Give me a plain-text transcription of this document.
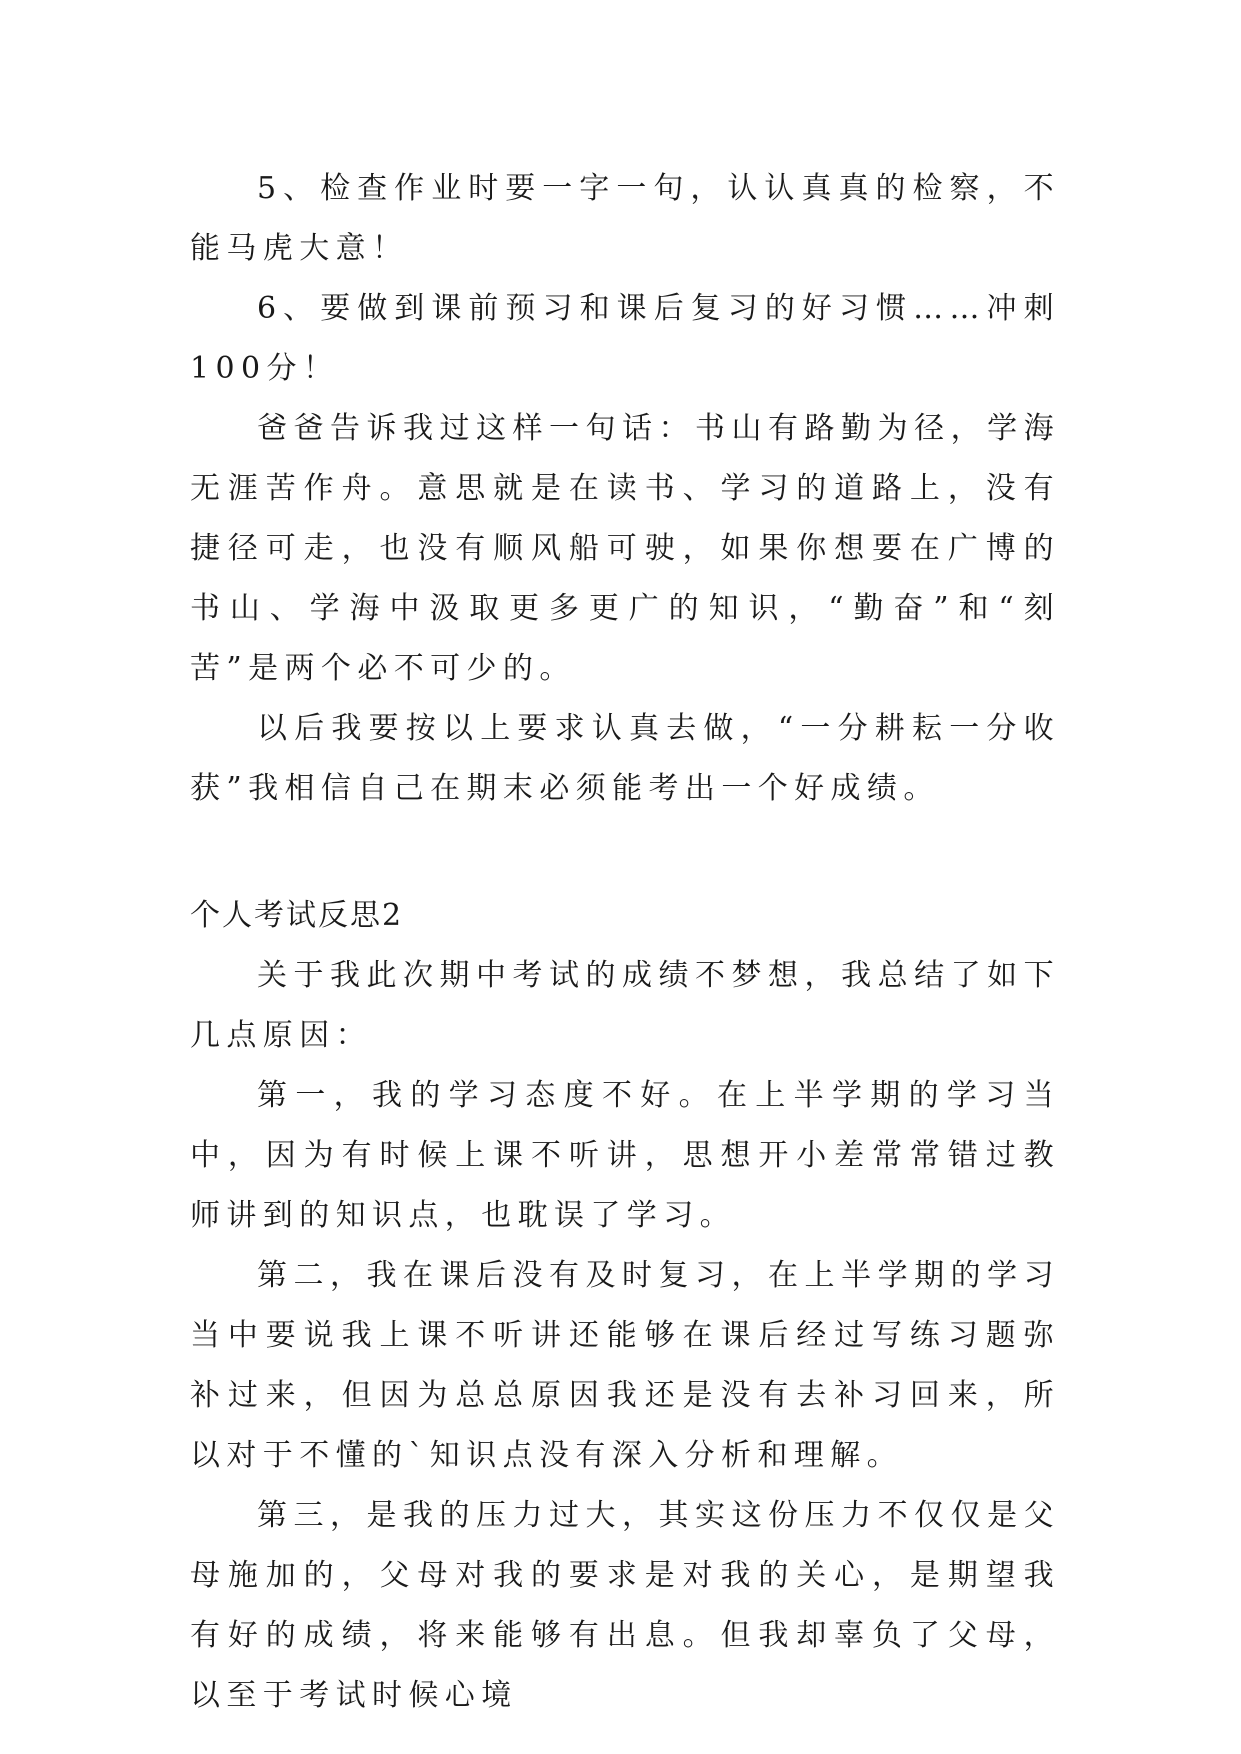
5、检查作业时要一字一句，认认真真的检察，不能马虎大意！

6、要做到课前预习和课后复习的好习惯……冲刺100分！

爸爸告诉我过这样一句话：书山有路勤为径，学海无涯苦作舟。意思就是在读书、学习的道路上，没有捷径可走，也没有顺风船可驶，如果你想要在广博的书山、学海中汲取更多更广的知识，“勤奋”和“刻苦”是两个必不可少的。

以后我要按以上要求认真去做，“一分耕耘一分收获”我相信自己在期末必须能考出一个好成绩。

个人考试反思2

关于我此次期中考试的成绩不梦想，我总结了如下几点原因：

第一，我的学习态度不好。在上半学期的学习当中，因为有时候上课不听讲，思想开小差常常错过教师讲到的知识点，也耽误了学习。

第二，我在课后没有及时复习，在上半学期的学习当中要说我上课不听讲还能够在课后经过写练习题弥补过来，但因为总总原因我还是没有去补习回来，所以对于不懂的`知识点没有深入分析和理解。

第三，是我的压力过大，其实这份压力不仅仅是父母施加的，父母对我的要求是对我的关心，是期望我有好的成绩，将来能够有出息。但我却辜负了父母，以至于考试时候心境
